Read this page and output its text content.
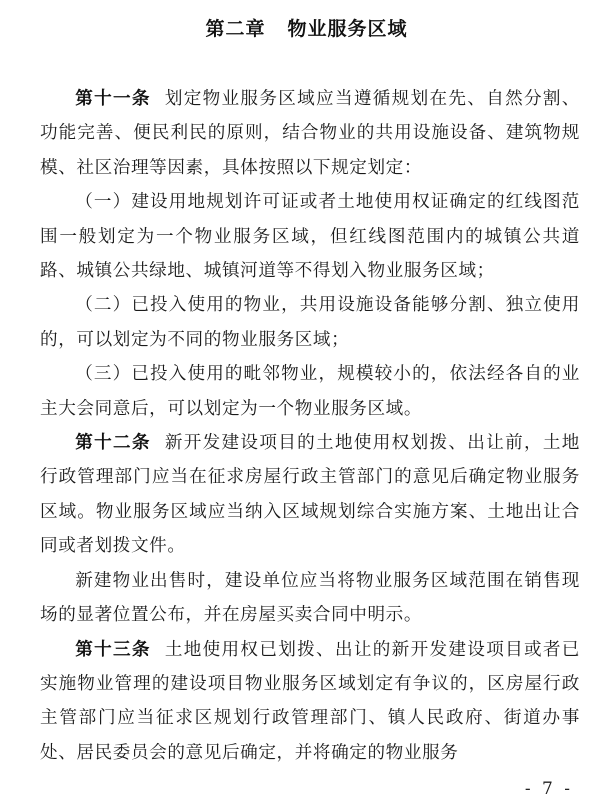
第二章 物业服务区域

第十一条 划定物业服务区域应当遵循规划在先、自然分割、功能完善、便民利民的原则，结合物业的共用设施设备、建筑物规模、社区治理等因素，具体按照以下规定划定：

（一）建设用地规划许可证或者土地使用权证确定的红线图范围一般划定为一个物业服务区域，但红线图范围内的城镇公共道路、城镇公共绿地、城镇河道等不得划入物业服务区域；

（二）已投入使用的物业，共用设施设备能够分割、独立使用的，可以划定为不同的物业服务区域；

（三）已投入使用的毗邻物业，规模较小的，依法经各自的业主大会同意后，可以划定为一个物业服务区域。

第十二条 新开发建设项目的土地使用权划拨、出让前，土地行政管理部门应当在征求房屋行政主管部门的意见后确定物业服务区域。物业服务区域应当纳入区域规划综合实施方案、土地出让合同或者划拨文件。

新建物业出售时，建设单位应当将物业服务区域范围在销售现场的显著位置公布，并在房屋买卖合同中明示。

第十三条 土地使用权已划拨、出让的新开发建设项目或者已实施物业管理的建设项目物业服务区域划定有争议的，区房屋行政主管部门应当征求区规划行政管理部门、镇人民政府、街道办事处、居民委员会的意见后确定，并将确定的物业服务

- 7 -
